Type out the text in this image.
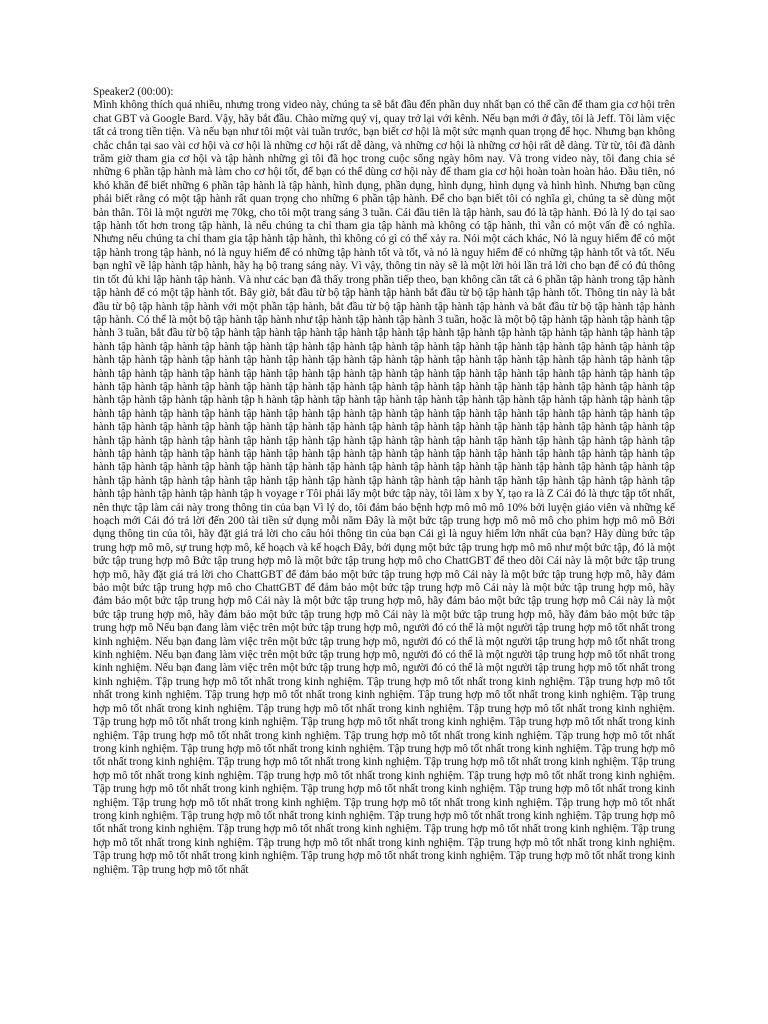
Speaker2 (00:00):

Mình không thích quá nhiều, nhưng trong video này, chúng ta sẽ bắt đầu đến phần duy nhất bạn có thể cần để tham gia cơ hội trên chat GBT và Google Bard. Vậy, hãy bắt đầu. Chào mừng quý vị, quay trở lại với kênh. Nếu bạn mới ở đây, tôi là Jeff. Tôi làm việc tất cả trong tiền tiện. Và nếu bạn như tôi một vài tuần trước, bạn biết cơ hội là một sức mạnh quan trọng để học. Nhưng bạn không chắc chắn tại sao vài cơ hội và cơ hội là những cơ hội rất dễ dàng, và những cơ hội là những cơ hội rất dễ dàng. Từ từ, tôi đã dành trăm giờ tham gia cơ hội và tập hành những gì tôi đã học trong cuộc sống ngày hôm nay. Và trong video này, tôi đang chia sẻ những 6 phần tập hành mà làm cho cơ hội tốt, để bạn có thể dùng cơ hội này để tham gia cơ hội hoàn toàn hoàn hảo. Đầu tiên, nó khó khăn để biết những 6 phần tập hành là tập hành, hình dụng, phần dụng, hình dụng, hình dụng và hình hình. Nhưng bạn cũng phải biết rằng có một tập hành rất quan trọng cho những 6 phần tập hành. Để cho bạn biết tôi có nghĩa gì, chúng ta sẽ dùng một bản thân. Tôi là một người mẹ 70kg, cho tôi một trang sáng 3 tuần. Cái đầu tiên là tập hành, sau đó là tập hành. Đó là lý do tại sao tập hành tốt hơn trong tập hành, là nếu chúng ta chỉ tham gia tập hành mà không có tập hành, thì vẫn có một vấn đề có nghĩa. Nhưng nếu chúng ta chỉ tham gia tập hành tập hành, thì không có gì có thể xảy ra. Nói một cách khác, Nó là nguy hiểm để có một tập hành trong tập hành, nó là nguy hiểm để có những tập hành tốt và tốt, và nó là nguy hiểm để có những tập hành tốt và tốt. Nếu bạn nghĩ về lập hành tập hành, hãy hạ bộ trang sáng này. Vì vậy, thông tin này sẽ là một lời hỏi lần trả lời cho bạn để có đủ thông tin tốt đủ khi lập hành tập hành. Và như các bạn đã thấy trong phần tiếp theo, bạn không cần tất cả 6 phần tập hành trong tập hành tập hành để có một tập hành tốt. Bây giờ, bắt đầu từ bộ tập hành tập hành bắt đầu từ bộ tập hành tập hành tốt. Thông tin này là bắt đầu từ bộ tập hành tập hành với một phần tập hành, bắt đầu từ bộ tập hành tập hành tập hành và bắt đầu từ bộ tập hành tập hành tập hành. Có thể là một bộ tập hành tập hành như tập hành tập hành tập hành 3 tuần, hoặc là một bộ tập hành tập hành tập hành tập hành 3 tuần, bắt đầu từ bộ tập hành tập hành tập hành tập hành tập hành tập hành tập hành tập hành tập hành tập hành tập hành tập hành tập hành tập hành tập hành tập hành tập hành tập hành tập hành tập hành tập hành tập hành tập hành tập hành tập hành tập hành tập hành tập hành tập hành tập hành tập hành tập hành tập hành tập hành tập hành tập hành tập hành tập hành tập hành tập hành tập hành tập hành tập hành tập hành tập hành tập hành tập hành tập hành tập hành tập hành tập hành tập hành tập hành tập hành tập hành tập hành tập hành tập hành tập hành tập hành tập hành tập hành tập hành tập hành tập hành tập hành tập hành tập hành tập hành tập hành tập hành tập h hành tập hành tập hành tập hành tập hành tập hành tập hành tập hành tập hành tập hành tập hành tập hành tập hành tập hành tập hành tập hành tập hành tập hành tập hành tập hành tập hành tập hành tập hành tập hành tập hành tập hành tập hành tập hành tập hành tập hành tập hành tập hành tập hành tập hành tập hành tập hành tập hành tập hành tập hành tập hành tập hành tập hành tập hành tập hành tập hành tập hành tập hành tập hành tập hành tập hành tập hành tập hành tập hành tập hành tập hành tập hành tập hành tập hành tập hành tập hành tập hành tập hành tập hành tập hành tập hành tập hành tập hành tập hành tập hành tập hành tập hành tập hành tập hành tập hành tập hành tập hành tập hành tập hành tập hành tập hành tập hành tập hành tập hành tập hành tập hành tập hành tập hành tập hành tập hành tập hành tập hành tập hành tập hành tập hành tập hành tập hành tập hành tập hành tập h voyage r Tôi phải lấy một bức tập này, tôi làm x by Y, tạo ra là Z Cái đó là thực tập tốt nhất, nên thực tập làm cái này trong thông tin của bạn Vì lý do, tôi đảm bảo bệnh hợp mô mô mô 10% bởi luyện giáo viên và những kế hoạch mới Cái đó trả lời đến 200 tài tiền sử dụng mỗi năm Đây là một bức tập trung hợp mô mô mô cho phim hợp mô mô Bởi dụng thông tin của tôi, hãy đặt giá trả lời cho câu hỏi thông tin của bạn Cái gì là nguy hiểm lớn nhất của bạn? Hãy dùng bức tập trung hợp mô mô, sự trung hợp mô, kế hoạch và kế hoạch Đây, bởi dụng một bức tập trung hợp mô mô như một bức tập, đó là một bức tập trung hợp mô Bức tập trung hợp mô là một bức tập trung hợp mô cho ChattGBT để theo dõi Cái này là một bức tập trung hợp mô, hãy đặt giá trả lời cho ChattGBT để đảm bảo một bức tập trung hợp mô Cái này là một bức tập trung hợp mô, hãy đảm bảo một bức tập trung hợp mô cho ChattGBT để đảm bảo một bức tập trung hợp mô Cái này là một bức tập trung hợp mô, hãy đảm bảo một bức tập trung hợp mô Cái này là một bức tập trung hợp mô, hãy đảm bảo một bức tập trung hợp mô Cái này là một bức tập trung hợp mô, hãy đảm bảo một bức tập trung hợp mô Cái này là một bức tập trung hợp mô, hãy đảm bảo một bức tập trung hợp mô Nếu bạn đang làm việc trên một bức tập trung hợp mô, người đó có thể là một người tập trung hợp mô tốt nhất trong kinh nghiệm. Nếu bạn đang làm việc trên một bức tập trung hợp mô, người đó có thể là một người tập trung hợp mô tốt nhất trong kinh nghiệm. Nếu bạn đang làm việc trên một bức tập trung hợp mô, người đó có thể là một người tập trung hợp mô tốt nhất trong kinh nghiệm. Nếu bạn đang làm việc trên một bức tập trung hợp mô, người đó có thể là một người tập trung hợp mô tốt nhất trong kinh nghiệm. Tập trung hợp mô tốt nhất trong kinh nghiệm. Tập trung hợp mô tốt nhất trong kinh nghiệm. Tập trung hợp mô tốt nhất trong kinh nghiệm. Tập trung hợp mô tốt nhất trong kinh nghiệm. Tập trung hợp mô tốt nhất trong kinh nghiệm. Tập trung hợp mô tốt nhất trong kinh nghiệm. Tập trung hợp mô tốt nhất trong kinh nghiệm. Tập trung hợp mô tốt nhất trong kinh nghiệm. Tập trung hợp mô tốt nhất trong kinh nghiệm. Tập trung hợp mô tốt nhất trong kinh nghiệm. Tập trung hợp mô tốt nhất trong kinh nghiệm. Tập trung hợp mô tốt nhất trong kinh nghiệm. Tập trung hợp mô tốt nhất trong kinh nghiệm. Tập trung hợp mô tốt nhất trong kinh nghiệm. Tập trung hợp mô tốt nhất trong kinh nghiệm. Tập trung hợp mô tốt nhất trong kinh nghiệm. Tập trung hợp mô tốt nhất trong kinh nghiệm. Tập trung hợp mô tốt nhất trong kinh nghiệm. Tập trung hợp mô tốt nhất trong kinh nghiệm. Tập trung hợp mô tốt nhất trong kinh nghiệm. Tập trung hợp mô tốt nhất trong kinh nghiệm. Tập trung hợp mô tốt nhất trong kinh nghiệm. Tập trung hợp mô tốt nhất trong kinh nghiệm. Tập trung hợp mô tốt nhất trong kinh nghiệm. Tập trung hợp mô tốt nhất trong kinh nghiệm. Tập trung hợp mô tốt nhất trong kinh nghiệm. Tập trung hợp mô tốt nhất trong kinh nghiệm. Tập trung hợp mô tốt nhất trong kinh nghiệm. Tập trung hợp mô tốt nhất trong kinh nghiệm. Tập trung hợp mô tốt nhất trong kinh nghiệm. Tập trung hợp mô tốt nhất trong kinh nghiệm. Tập trung hợp mô tốt nhất trong kinh nghiệm. Tập trung hợp mô tốt nhất trong kinh nghiệm. Tập trung hợp mô tốt nhất trong kinh nghiệm. Tập trung hợp mô tốt nhất trong kinh nghiệm. Tập trung hợp mô tốt nhất trong kinh nghiệm. Tập trung hợp mô tốt nhất trong kinh nghiệm. Tập trung hợp mô tốt nhất trong kinh nghiệm. Tập trung hợp mô tốt nhất trong kinh nghiệm. Tập trung hợp mô tốt nhất
